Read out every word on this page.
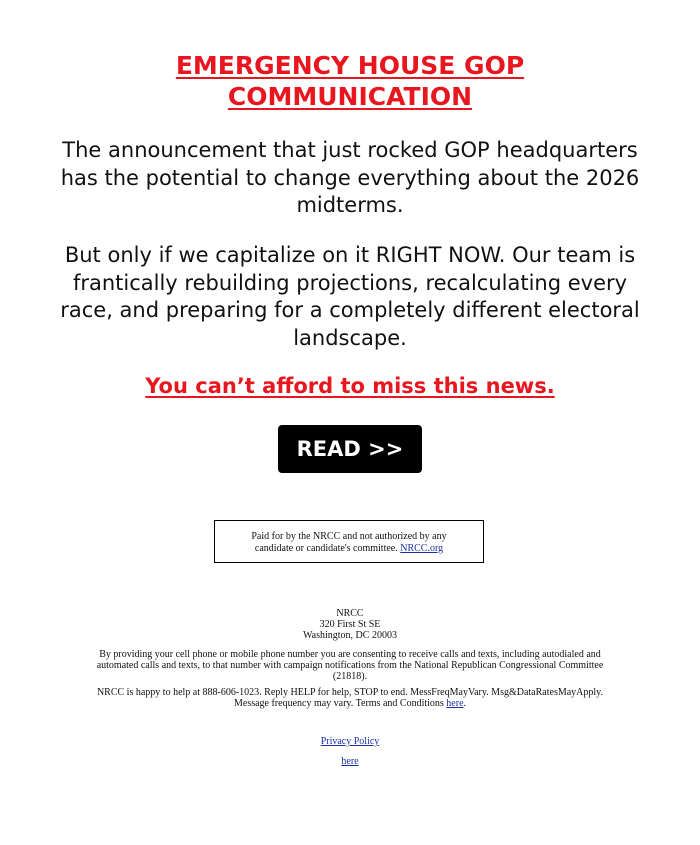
EMERGENCY HOUSE GOP
COMMUNICATION
The announcement that just rocked GOP headquarters has the potential to change everything about the 2026 midterms.
But only if we capitalize on it RIGHT NOW. Our team is frantically rebuilding projections, recalculating every race, and preparing for a completely different electoral landscape.
You can’t afford to miss this news.
READ >>
Paid for by the NRCC and not authorized by any
candidate or candidate's committee. NRCC.org
NRCC
320 First St SE
Washington, DC 20003
By providing your cell phone or mobile phone number you are consenting to receive calls and texts, including autodialed and automated calls and texts, to that number with campaign notifications from the National Republican Congressional Committee (21818).
NRCC is happy to help at 888-606-1023. Reply HELP for help, STOP to end. MessFreqMayVary. Msg&DataRatesMayApply. Message frequency may vary. Terms and Conditions here.
Privacy Policy
here
